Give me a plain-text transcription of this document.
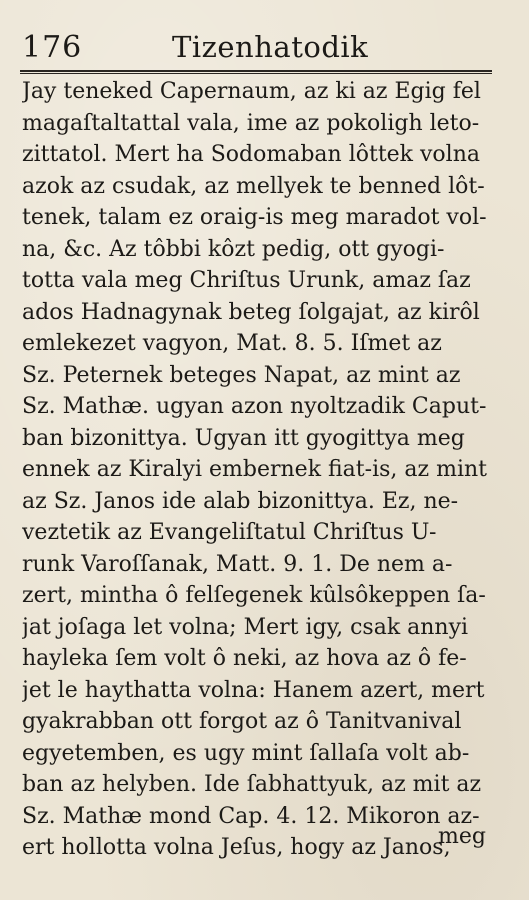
176	Tizenhatodik
Jay teneked Capernaum, az ki az Egig fel
magaſtaltattal vala, ime az pokoligh leto-
zittatol. Mert ha Sodomaban lôttek volna
azok az csudak, az mellyek te benned lôt-
tenek, talam ez oraig-is meg maradot vol-
na, &c. Az tôbbi kôzt pedig, ott gyogi-
totta vala meg Chriſtus Urunk, amaz ſaz
ados Hadnagynak beteg ſolgajat, az kirôl
emlekezet vagyon, Mat. 8. 5. Iſmet az
Sz. Peternek beteges Napat, az mint az
Sz. Mathæ. ugyan azon nyoltzadik Caput-
ban bizonittya. Ugyan itt gyogittya meg
ennek az Kiralyi embernek fiat-is, az mint
az Sz. Janos ide alab bizonittya. Ez, ne-
veztetik az Evangeliſtatul Chriſtus U-
runk Varoſſanak, Matt. 9. 1. De nem a-
zert, mintha ô felſegenek kûlsôkeppen ſa-
jat joſaga let volna; Mert igy, csak annyi
hayleka ſem volt ô neki, az hova az ô fe-
jet le haythatta volna: Hanem azert, mert
gyakrabban ott forgot az ô Tanitvanival
egyetemben, es ugy mint ſallaſa volt ab-
ban az helyben. Ide ſabhattyuk, az mit az
Sz. Mathæ mond Cap. 4. 12. Mikoron az-
ert hollotta volna Jeſus, hogy az Janos,
meg
